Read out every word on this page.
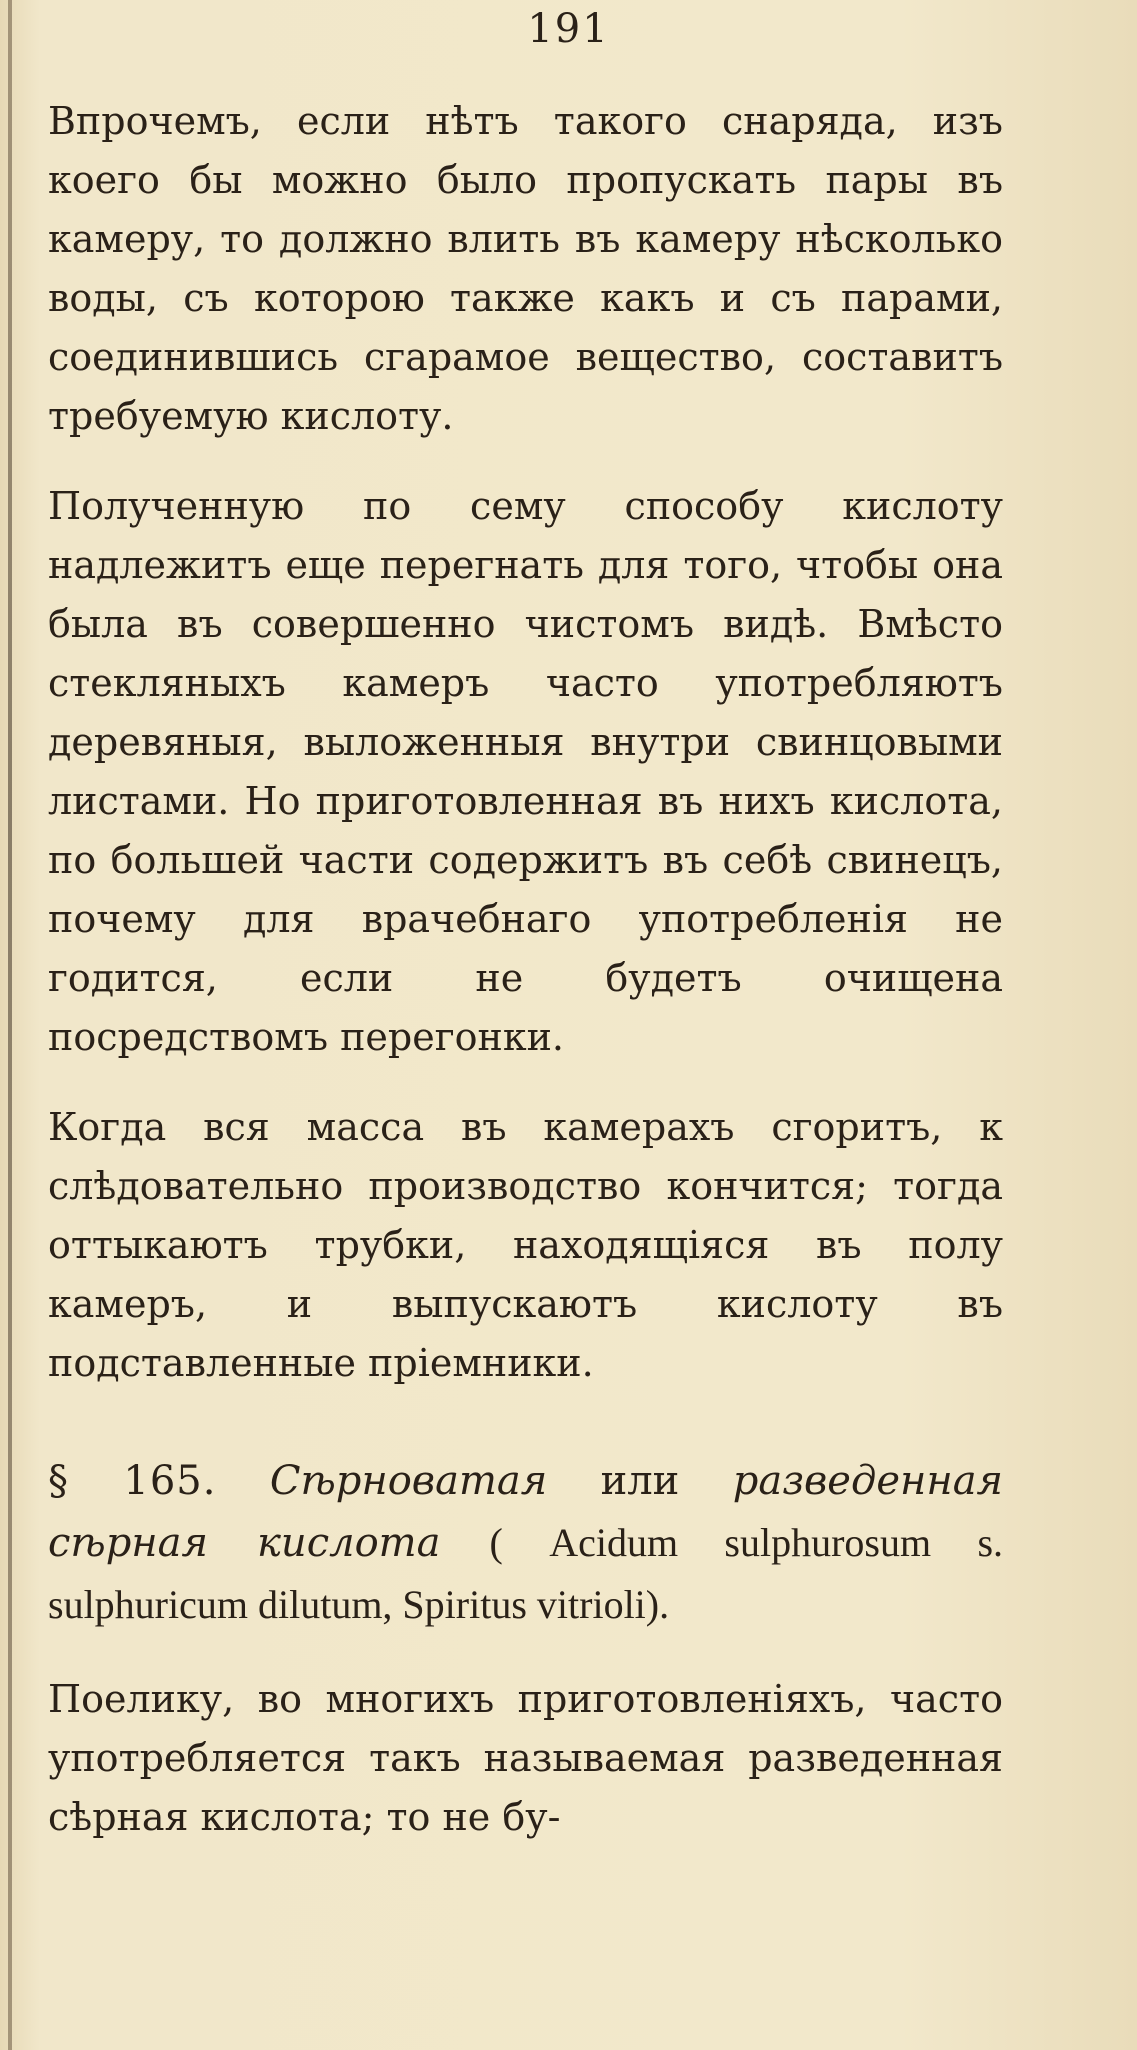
191

Впрочемъ, если нѣтъ такого снаряда, изъ коего бы можно было пропускать пары въ камеру, то должно влить въ камеру нѣсколько воды, съ которою также какъ и съ парами, соединившись сгарамое вещество, составитъ требуемую кислоту.

Полученную по сему способу кислоту надлежитъ еще перегнать для того, чтобы она была въ совершенно чистомъ видѣ. Вмѣсто стекляныхъ камеръ часто употребляютъ деревяныя, выложенныя внутри свинцовыми листами. Но приготовленная въ нихъ кислота, по большей части содержитъ въ себѣ свинецъ, почему для врачебнаго употребленія не годится, если не будетъ очищена посредствомъ перегонки.

Когда вся масса въ камерахъ сгоритъ, к слѣдовательно производство кончится; тогда оттыкаютъ трубки, находящіяся въ полу камеръ, и выпускаютъ кислоту въ подставленные пріемники.

§ 165. Сѣрноватая или разведенная сѣрная кислота ( Acidum sulphurosum s. sulphuricum dilutum, Spiritus vitrioli).

Поелику, во многихъ приготовленіяхъ, часто употребляется такъ называемая разведенная сѣрная кислота; то не бу-
